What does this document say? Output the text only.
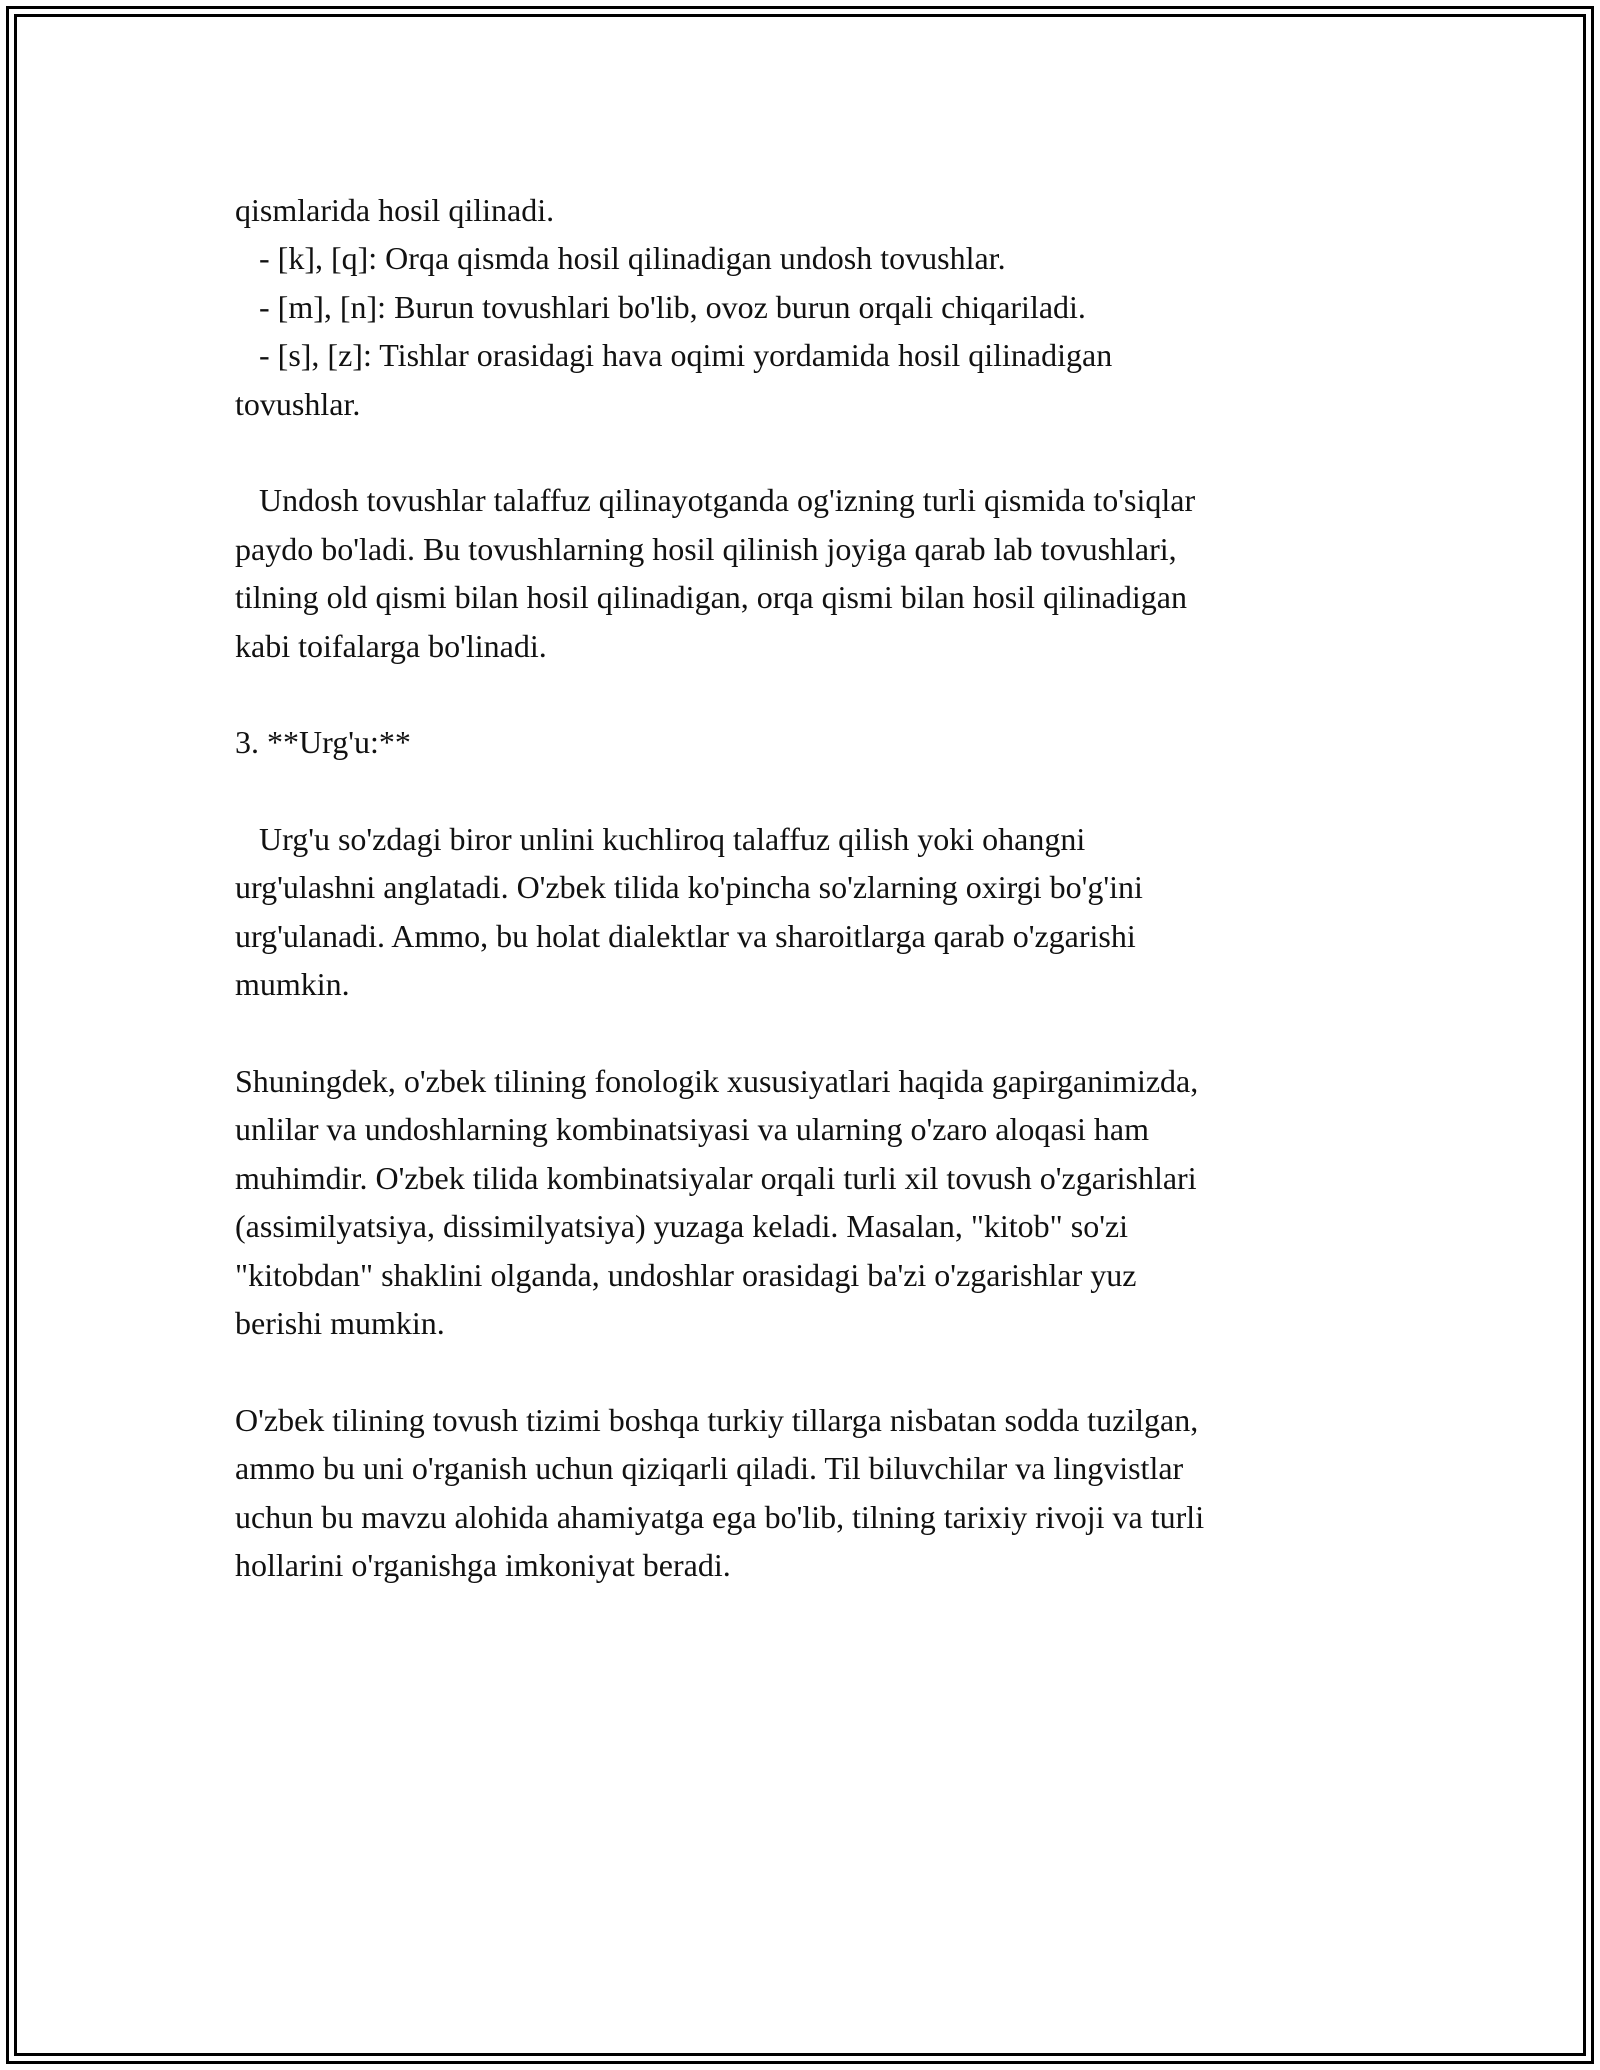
qismlarida hosil qilinadi.
- [k], [q]: Orqa qismda hosil qilinadigan undosh tovushlar.
- [m], [n]: Burun tovushlari bo'lib, ovoz burun orqali chiqariladi.
- [s], [z]: Tishlar orasidagi hava oqimi yordamida hosil qilinadigan
tovushlar.
Undosh tovushlar talaffuz qilinayotganda og'izning turli qismida to'siqlar
paydo bo'ladi. Bu tovushlarning hosil qilinish joyiga qarab lab tovushlari,
tilning old qismi bilan hosil qilinadigan, orqa qismi bilan hosil qilinadigan
kabi toifalarga bo'linadi.
3. **Urg'u:**
Urg'u so'zdagi biror unlini kuchliroq talaffuz qilish yoki ohangni
urg'ulashni anglatadi. O'zbek tilida ko'pincha so'zlarning oxirgi bo'g'ini
urg'ulanadi. Ammo, bu holat dialektlar va sharoitlarga qarab o'zgarishi
mumkin.
Shuningdek, o'zbek tilining fonologik xususiyatlari haqida gapirganimizda,
unlilar va undoshlarning kombinatsiyasi va ularning o'zaro aloqasi ham
muhimdir. O'zbek tilida kombinatsiyalar orqali turli xil tovush o'zgarishlari
(assimilyatsiya, dissimilyatsiya) yuzaga keladi. Masalan, "kitob" so'zi
"kitobdan" shaklini olganda, undoshlar orasidagi ba'zi o'zgarishlar yuz
berishi mumkin.
O'zbek tilining tovush tizimi boshqa turkiy tillarga nisbatan sodda tuzilgan,
ammo bu uni o'rganish uchun qiziqarli qiladi. Til biluvchilar va lingvistlar
uchun bu mavzu alohida ahamiyatga ega bo'lib, tilning tarixiy rivoji va turli
hollarini o'rganishga imkoniyat beradi.
